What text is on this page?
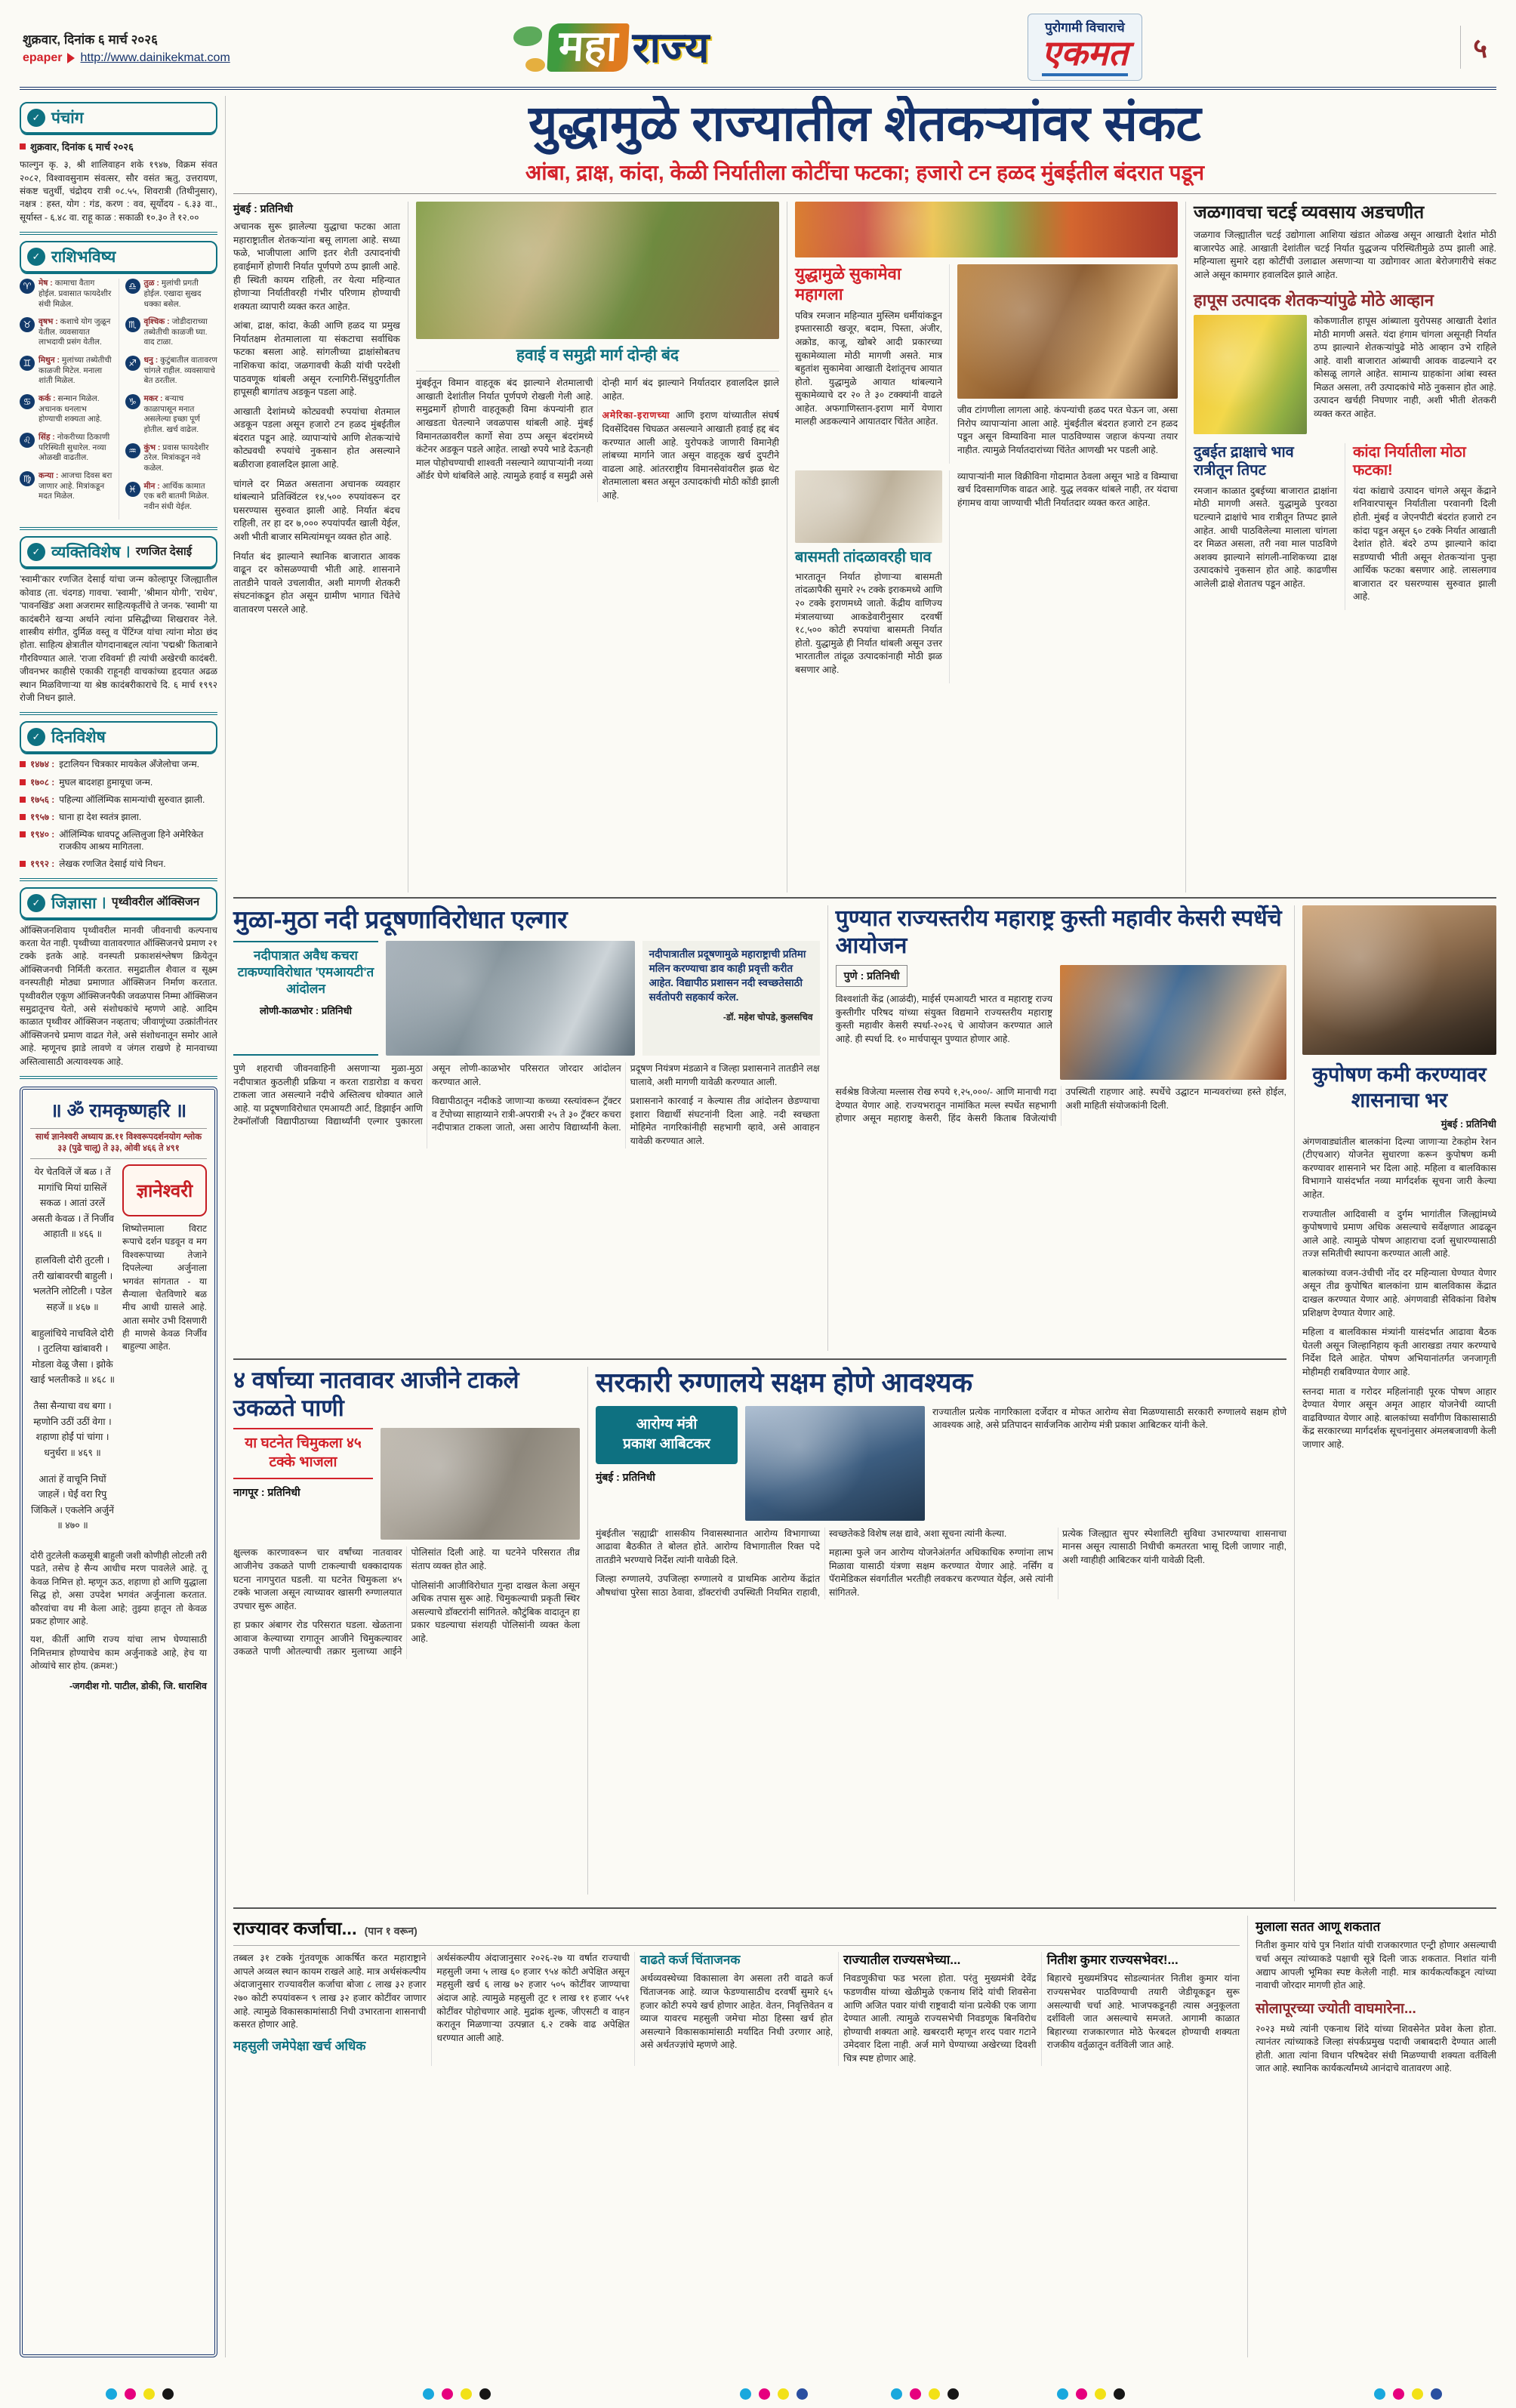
शुक्रवार, दिनांक ६ मार्च २०२६
epaper http://www.dainikekmat.com	महा राज्य	पुरोगामी विचाराचे
एकमत	५
✓ पंचांग
शुक्रवार, दिनांक ६ मार्च २०२६

फाल्गुन कृ. ३, श्री शालिवाहन शके १९४७, विक्रम संवत २०८२, विश्वावसुनाम संवत्सर, सौर वसंत ऋतु, उत्तरायण, संकष्ट चतुर्थी, चंद्रोदय रात्री ०८.५५, शिवरात्री (तिथीनुसार), नक्षत्र : हस्त, योग : गंड, करण : वव, सूर्योदय - ६.३३ वा., सूर्यास्त - ६.४८ वा. राहू काळ : सकाळी १०.३० ते १२.००

✓ राशिभविष्य
♈ मेष : कामाचा वैताग होईल. प्रवासात फायदेशीर संधी मिळेल.
♉ वृषभ : कशाचे योग जुळून येतील. व्यवसायात लाभदायी प्रसंग येतील.
♊ मिथुन : मुलांच्या तब्येतीची काळजी मिटेल. मनाला शांती मिळेल.
♋ कर्क : सन्मान मिळेल. अचानक धनलाभ होण्याची शक्यता आहे.
♌ सिंह : नोकरीच्या ठिकाणी परिस्थिती सुधारेल. नव्या ओळखी वाढतील.
♍ कन्या : आजचा दिवस बरा जाणार आहे. मित्रांकडून मदत मिळेल.
♎ तुळ : मुलांची प्रगती होईल. एखादा सुखद धक्का बसेल.
♏ वृश्चिक : जोडीदाराच्या तब्येतीची काळजी घ्या. वाद टाळा.
♐ धनु : कुटुंबातील वातावरण चांगले राहील. व्यवसायाचे बेत ठरतील.
♑ मकर : बऱ्याच काळापासून मनात असलेल्या इच्छा पूर्ण होतील. खर्च वाढेल.
♒ कुंभ : प्रवास फायदेशीर ठरेल. मित्रांकडून नवे कळेल.
♓ मीन : आर्थिक कामात एक बरी बातमी मिळेल. नवीन संधी येईल.
✓ व्यक्तिविशेष | रणजित देसाई

'स्वामी'कार रणजित देसाई यांचा जन्म कोल्हापूर जिल्ह्यातील कोवाड (ता. चंदगड) गावचा. 'स्वामी', 'श्रीमान योगी', 'राधेय', 'पावनखिंड' अशा अजरामर साहित्यकृतींचे ते जनक. 'स्वामी' या कादंबरीने खऱ्या अर्थाने त्यांना प्रसिद्धीच्या शिखरावर नेले. शास्त्रीय संगीत, दुर्मिळ वस्तू व पेंटिंग्ज यांचा त्यांना मोठा छंद होता. साहित्य क्षेत्रातील योगदानाबद्दल त्यांना 'पद्मश्री' किताबाने गौरविण्यात आले. 'राजा रविवर्मा' ही त्यांची अखेरची कादंबरी. जीवनभर काहीसे एकाकी राहूनही वाचकांच्या हृदयात अढळ स्थान मिळविणाऱ्या या श्रेष्ठ कादंबरीकाराचे दि. ६ मार्च १९९२ रोजी निधन झाले.

✓ दिनविशेष
१४७४ : इटालियन चित्रकार मायकेल अँजेलोचा जन्म.
१७०८ : मुघल बादशहा हुमायूचा जन्म.
१७५६ : पहिल्या ऑलिंम्पिक सामन्यांची सुरुवात झाली.
१९५७ : घाना हा देश स्वतंत्र झाला.
१९४० : ऑलिंम्पिक धावपटू अल्तिलुजा हिने अमेरिकेत राजकीय आश्रय मागितला.
१९९२ : लेखक रणजित देसाई यांचे निधन.
✓ जिज्ञासा | पृथ्वीवरील ऑक्सिजन

ऑक्सिजनशिवाय पृथ्वीवरील मानवी जीवनाची कल्पनाच करता येत नाही. पृथ्वीच्या वातावरणात ऑक्सिजनचे प्रमाण २१ टक्के इतके आहे. वनस्पती प्रकाशसंश्लेषण क्रियेतून ऑक्सिजनची निर्मिती करतात. समुद्रातील शैवाल व सूक्ष्म वनस्पतीही मोठ्या प्रमाणात ऑक्सिजन निर्माण करतात. पृथ्वीवरील एकूण ऑक्सिजनपैकी जवळपास निम्मा ऑक्स‍िजन समुद्रातूनच येतो, असे संशोधकांचे म्हणणे आहे. आदिम काळात पृथ्वीवर ऑक्सिजन नव्हताच; जीवाणूंच्या उत्क्रांतीनंतर ऑक्सिजनचे प्रमाण वाढत गेले, असे संशोधनातून समोर आले आहे. म्हणूनच झाडे लावणे व जंगल राखणे हे मानवाच्या अस्तित्वासाठी अत्यावश्यक आहे.

॥ ॐ रामकृष्णहरि ॥
सार्थ ज्ञानेश्वरी अध्याय क्र.११ विश्वरूपदर्शनयोग श्लोक ३३ (पुढे चालू) ते ३३, ओवी ४६६ ते ४९१

येर चेतविलें जें बळ । तें मागांचि मियां ग्रासिलें सकळ । आतां उरलें असती केवळ । तें निर्जीव आहाती ॥ ४६६ ॥

हालविली दोरी तुटली । तरी खांबावरची बाहुली । भलतेनि लोटिली । पडेल सहजें ॥ ४६७ ॥

बाहुलांचिये नाचविले दोरी । तुटलिया खांबावरी । मोडला वेळू जैसा । झोके खाई भलतीकडे ॥ ४६८ ॥

तैसा सैन्याचा वध बगा । म्हणोनि उठीं उठीं वेगा । शहाणा होईं पां चांगा । धनुर्धरा ॥ ४६९ ॥

आतां हें वाचूनि निघों जाहलें । घेईं वरा रिपु जिंकिलें । एकलेनि अर्जुनें ॥ ४७० ॥

ज्ञानेश्वरी

शिष्योत्तमाला विराट रूपाचे दर्शन घडवून व मग विश्वरूपाच्या तेजाने दिपलेल्या अर्जुनाला भगवंत सांगतात - या सैन्याला चेतविणारे बळ मीच आधी ग्रासले आहे. आता समोर उभी दिसणारी ही माणसे केवळ निर्जीव बाहुल्या आहेत.

दोरी तुटलेली कळसूत्री बाहुली जशी कोणीही लोटली तरी पडते, तसेच हे सैन्य आधीच मरण पावलेले आहे. तू केवळ निमित्त हो. म्हणून ऊठ, शहाणा हो आणि युद्धाला सिद्ध हो, असा उपदेश भगवंत अर्जुनाला करतात. कौरवांचा वध मी केला आहे; तुझ्या हातून तो केवळ प्रकट होणार आहे.

यश, कीर्ती आणि राज्य यांचा लाभ घेण्यासाठी निमित्तमात्र होण्याचेच काम अर्जुनाकडे आहे, हेच या ओव्यांचे सार होय. (क्रमश:)

-जगदीश गो. पाटील, डोकी, जि. धाराशिव
युद्धामुळे राज्यातील शेतकऱ्यांवर संकट
आंबा, द्राक्ष, कांदा, केळी निर्यातीला कोटींचा फटका; हजारो टन हळद मुंबईतील बंदरात पडून
मुंबई : प्रतिनिधी

अचानक सुरू झालेल्या युद्धाचा फटका आता महाराष्ट्रातील शेतकऱ्यांना बसू लागला आहे. सध्या फळे, भाजीपाला आणि इतर शेती उत्पादनांची हवाईमार्गे होणारी निर्यात पूर्णपणे ठप्प झाली आहे. ही स्थिती कायम राहिली, तर येत्या महिन्यात होणाऱ्या निर्यातीवरही गंभीर परिणाम होण्याची शक्यता व्यापारी व्यक्त करत आहेत.

आंबा, द्राक्ष, कांदा, केळी आणि हळद या प्रमुख निर्यातक्षम शेतमालाला या संकटाचा सर्वाधिक फटका बसला आहे. सांगलीच्या द्राक्षांसोबतच नाशिकचा कांदा, जळगावची केळी यांची परदेशी पाठवणूक थांबली असून रत्नागिरी-सिंधुदुर्गातील हापूसही बागांतच अडकून पडला आहे.

आखाती देशांमध्ये कोट्यवधी रुपयांचा शेतमाल अडकून पडला असून हजारो टन हळद मुंबईतील बंदरात पडून आहे. व्यापाऱ्यांचे आणि शेतकऱ्यांचे कोट्यवधी रुपयांचे नुकसान होत असल्याने बळीराजा हवालदिल झाला आहे.

चांगले दर मिळत असताना अचानक व्यवहार थांबल्याने प्रतिक्विंटल १४,५०० रुपयांवरून दर घसरण्यास सुरुवात झाली आहे. निर्यात बंदच राहिली, तर हा दर ७,००० रुपयांपर्यंत खाली येईल, अशी भीती बाजार समित्यांमधून व्यक्त होत आहे.

निर्यात बंद झाल्याने स्थानिक बाजारात आवक वाढून दर कोसळण्याची भीती आहे. शासनाने तातडीने पावले उचलावीत, अशी मागणी शेतकरी संघटनांकडून होत असून ग्रामीण भागात चिंतेचे वातावरण पसरले आहे.

हवाई व समुद्री मार्ग दोन्ही बंद

मुंबईतून विमान वाहतूक बंद झाल्याने शेतमालाची आखाती देशांतील निर्यात पूर्णपणे रोखली गेली आहे. समुद्रमार्गे होणारी वाहतूकही विमा कंपन्यांनी हात आखडता घेतल्याने जवळपास थांबली आहे. मुंबई विमानतळावरील कार्गो सेवा ठप्प असून बंदरांमध्ये कंटेनर अडकून पडले आहेत. लाखो रुपये भाडे देऊनही माल पोहोचण्याची शाश्वती नसल्याने व्यापाऱ्यांनी नव्या ऑर्डर घेणे थांबविले आहे. त्यामुळे हवाई व समुद्री असे दोन्ही मार्ग बंद झाल्याने निर्यातदार हवालदिल झाले आहेत.

अमेरिका-इराणच्या आणि इराण यांच्यातील संघर्ष दिवसेंदिवस चिघळत असल्याने आखाती हवाई हद्द बंद करण्यात आली आहे. युरोपकडे जाणारी विमानेही लांबच्या मार्गाने जात असून वाहतूक खर्च दुपटीने वाढला आहे. आंतरराष्ट्रीय विमानसेवांवरील झळ थेट शेतमालाला बसत असून उत्पादकांची मोठी कोंडी झाली आहे.

युद्धामुळे सुकामेवा महागला

पवित्र रमजान महिन्यात मुस्लिम धर्मीयांकडून इफ्तारसाठी खजूर, बदाम, पिस्ता, अंजीर, अक्रोड, काजू, खोबरे आदी प्रकारच्या सुकामेव्याला मोठी मागणी असते. मात्र बहुतांश सुकामेवा आखाती देशांतूनच आयात होतो. युद्धामुळे आयात थांबल्याने सुकामेव्याचे दर २० ते ३० टक्क्यांनी वाढले आहेत. अफगाणिस्तान-इराण मार्गे येणारा मालही अडकल्याने आयातदार चिंतेत आहेत.

जीव टांगणीला लागला आहे. कंपन्यांची हळद परत घेऊन जा, असा निरोप व्यापाऱ्यांना आला आहे. मुंबईतील बंदरात हजारो टन हळद पडून असून विम्याविना माल पाठविण्यास जहाज कंपन्या तयार नाहीत. त्यामुळे निर्यातदारांच्या चिंतेत आणखी भर पडली आहे.

बासमती तांदळावरही घाव

भारतातून निर्यात होणाऱ्या बासमती तांदळापैकी सुमारे २५ टक्के इराकमध्ये आणि २० टक्के इराणमध्ये जातो. केंद्रीय वाणिज्य मंत्रालयाच्या आकडेवारीनुसार दरवर्षी १८,५०० कोटी रुपयांचा बासमती निर्यात होतो. युद्धामुळे ही निर्यात थांबली असून उत्तर भारतातील तांदूळ उत्पादकांनाही मोठी झळ बसणार आहे.

व्यापाऱ्यांनी माल विक्रीविना गोदामात ठेवला असून भाडे व विम्याचा खर्च दिवसागणिक वाढत आहे. युद्ध लवकर थांबले नाही, तर यंदाचा हंगामच वाया जाण्याची भीती निर्यातदार व्यक्त करत आहेत.

जळगावचा चटई व्यवसाय अडचणीत

जळगाव जिल्ह्यातील चटई उद्योगाला आशिया खंडात ओळख असून आखाती देशांत मोठी बाजारपेठ आहे. आखाती देशांतील चटई निर्यात युद्धजन्य परिस्थितीमुळे ठप्प झाली आहे. महिन्याला सुमारे दहा कोटींची उलाढाल असणाऱ्या या उद्योगावर आता बेरोजगारीचे संकट आले असून कामगार हवालदिल झाले आहेत.

हापूस उत्पादक शेतकऱ्यांपुढे मोठे आव्हान

कोकणातील हापूस आंब्याला युरोपसह आखाती देशांत मोठी मागणी असते. यंदा हंगाम चांगला असूनही निर्यात ठप्प झाल्याने शेतकऱ्यांपुढे मोठे आव्हान उभे राहिले आहे. वाशी बाजारात आंब्याची आवक वाढल्याने दर कोसळू लागले आहेत. सामान्य ग्राहकांना आंबा स्वस्त मिळत असला, तरी उत्पादकांचे मोठे नुकसान होत आहे. उत्पादन खर्चही निघणार नाही, अशी भीती शेतकरी व्यक्त करत आहेत.

दुबईत द्राक्षाचे भाव रात्रीतून तिपट

रमजान काळात दुबईच्या बाजारात द्राक्षांना मोठी मागणी असते. युद्धामुळे पुरवठा घटल्याने द्राक्षांचे भाव रात्रीतून तिप्पट झाले आहेत. आधी पाठविलेल्या मालाला चांगला दर मिळत असला, तरी नवा माल पाठविणे अशक्य झाल्याने सांगली-नाशिकच्या द्राक्ष उत्पादकांचे नुकसान होत आहे. काढणीस आलेली द्राक्षे शेतातच पडून आहेत.

कांदा निर्यातीला मोठा फटका!

यंदा कांद्याचे उत्पादन चांगले असून केंद्राने शनिवारपासून निर्यातीला परवानगी दिली होती. मुंबई व जेएनपीटी बंदरांत हजारो टन कांदा पडून असून ६० टक्के निर्यात आखाती देशांत होते. बंदरे ठप्प झाल्याने कांदा सडण्याची भीती असून शेतकऱ्यांना पुन्हा आर्थिक फटका बसणार आहे. लासलगाव बाजारात दर घसरण्यास सुरुवात झाली आहे.

मुळा-मुठा नदी प्रदूषणाविरोधात एल्गार
नदीपात्रात अवैध कचरा टाकण्याविरोधात 'एमआयटी'त आंदोलन
लोणी-काळभोर : प्रतिनिधी
नदीपात्रातील प्रदूषणामुळे महाराष्ट्राची प्रतिमा मलिन करण्याचा डाव काही प्रवृत्ती करीत आहेत. विद्यापीठ प्रशासन नदी स्वच्छतेसाठी सर्वतोपरी सहकार्य करेल.
-डॉ. महेश चोपडे, कुलसचिव

पुणे शहराची जीवनवाहिनी असणाऱ्या मुळा-मुठा नदीपात्रात कुठलीही प्रक्रिया न करता राडारोडा व कचरा टाकला जात असल्याने नदीचे अस्तित्वच धोक्यात आले आहे. या प्रदूषणाविरोधात एमआयटी आर्ट, डिझाईन आणि टेक्नॉलॉजी विद्यापीठाच्या विद्यार्थ्यांनी एल्गार पुकारला असून लोणी-काळभोर परिसरात जोरदार आंदोलन करण्यात आले.

विद्यापीठातून नदीकडे जाणाऱ्या कच्च्या रस्त्यांवरून ट्रॅक्टर व टेंपोच्या साहाय्याने रात्री-अपरात्री २५ ते ३० ट्रॅक्टर कचरा नदीपात्रात टाकला जातो, असा आरोप विद्यार्थ्यांनी केला. प्रदूषण नियंत्रण मंडळाने व जिल्हा प्रशासनाने तातडीने लक्ष घालावे, अशी मागणी यावेळी करण्यात आली.

प्रशासनाने कारवाई न केल्यास तीव्र आंदोलन छेडण्याचा इशारा विद्यार्थी संघटनांनी दिला आहे. नदी स्वच्छता मोहिमेत नागरिकांनीही सहभागी व्हावे, असे आवाहन यावेळी करण्यात आले.

पुण्यात राज्यस्तरीय महाराष्ट्र कुस्ती महावीर केसरी स्पर्धेचे आयोजन
पुणे : प्रतिनिधी

विश्वशांती केंद्र (आळंदी), माईर्स एमआयटी भारत व महाराष्ट्र राज्य कुस्तीगीर परिषद यांच्या संयुक्त विद्यमाने राज्यस्तरीय महाराष्ट्र कुस्ती महावीर केसरी स्पर्धा-२०२६ चे आयोजन करण्यात आले आहे. ही स्पर्धा दि. १० मार्चपासून पुण्यात होणार आहे.

सर्वश्रेष्ठ विजेत्या मल्लास रोख रुपये १,२५,०००/- आणि मानाची गदा देण्यात येणार आहे. राज्यभरातून नामांकित मल्ल स्पर्धेत सहभागी होणार असून महाराष्ट्र केसरी, हिंद केसरी किताब विजेत्यांची उपस्थिती राहणार आहे. स्पर्धेचे उद्घाटन मान्यवरांच्या हस्ते होईल, अशी माहिती संयोजकांनी दिली.

४ वर्षाच्या नातवावर आजीने टाकले उकळते पाणी
या घटनेत चिमुकला ४५ टक्के भाजला
नागपूर : प्रतिनिधी

क्षुल्लक कारणावरून चार वर्षांच्या नातवावर आजीनेच उकळते पाणी टाकल्याची धक्कादायक घटना नागपुरात घडली. या घटनेत चिमुकला ४५ टक्के भाजला असून त्याच्यावर खासगी रुग्णालयात उपचार सुरू आहेत.

हा प्रकार अंबागर रोड परिसरात घडला. खेळताना आवाज केल्याच्या रागातून आजीने चिमुकल्यावर उकळते पाणी ओतल्याची तक्रार मुलाच्या आईने पोलिसांत दिली आहे. या घटनेने परिसरात तीव्र संताप व्यक्त होत आहे.

पोलिसांनी आजीविरोधात गुन्हा दाखल केला असून अधिक तपास सुरू आहे. चिमुकल्याची प्रकृती स्थिर असल्याचे डॉक्टरांनी सांगितले. कौटुंबिक वादातून हा प्रकार घडल्याचा संशयही पोलिसांनी व्यक्त केला आहे.

सरकारी रुग्णालये सक्षम होणे आवश्यक
आरोग्य मंत्री
प्रकाश आबिटकर
मुंबई : प्रतिनिधी

राज्यातील प्रत्येक नागरिकाला दर्जेदार व मोफत आरोग्य सेवा मिळण्यासाठी सरकारी रुग्णालये सक्षम होणे आवश्यक आहे, असे प्रतिपादन सार्वजनिक आरोग्य मंत्री प्रकाश आबिटकर यांनी केले.

मुंबईतील 'सह्याद्री' शासकीय निवासस्थानात आरोग्य विभागाच्या आढावा बैठकीत ते बोलत होते. आरोग्य विभागातील रिक्त पदे तातडीने भरण्याचे निर्देश त्यांनी यावेळी दिले.

जिल्हा रुग्णालये, उपजिल्हा रुग्णालये व प्राथमिक आरोग्य केंद्रांत औषधांचा पुरेसा साठा ठेवावा, डॉक्टरांची उपस्थिती नियमित राहावी, स्वच्छतेकडे विशेष लक्ष द्यावे, अशा सूचना त्यांनी केल्या.

महात्मा फुले जन आरोग्य योजनेअंतर्गत अधिकाधिक रुग्णांना लाभ मिळावा यासाठी यंत्रणा सक्षम करण्यात येणार आहे. नर्सिंग व पॅरामेडिकल संवर्गातील भरतीही लवकरच करण्यात येईल, असे त्यांनी सांगितले.

प्रत्येक जिल्ह्यात सुपर स्पेशालिटी सुविधा उभारण्याचा शासनाचा मानस असून त्यासाठी निधीची कमतरता भासू दिली जाणार नाही, अशी ग्वाहीही आबिटकर यांनी यावेळी दिली.

कुपोषण कमी करण्यावर शासनाचा भर
मुंबई : प्रतिनिधी

अंगणवाड्यांतील बालकांना दिल्या जाणाऱ्या टेकहोम रेशन (टीएचआर) योजनेत सुधारणा करून कुपोषण कमी करण्यावर शासनाने भर दिला आहे. महिला व बालविकास विभागाने यासंदर्भात नव्या मार्गदर्शक सूचना जारी केल्या आहेत.

राज्यातील आदिवासी व दुर्गम भागांतील जिल्ह्यांमध्ये कुपोषणाचे प्रमाण अधिक असल्याचे सर्वेक्षणात आढळून आले आहे. त्यामुळे पोषण आहाराचा दर्जा सुधारण्यासाठी तज्ज्ञ समितीची स्थापना करण्यात आली आहे.

बालकांच्या वजन-उंचीची नोंद दर महिन्याला घेण्यात येणार असून तीव्र कुपोषित बालकांना ग्राम बालविकास केंद्रात दाखल करण्यात येणार आहे. अंगणवाडी सेविकांना विशेष प्रशिक्षण देण्यात येणार आहे.

महिला व बालविकास मंत्र्यांनी यासंदर्भात आढावा बैठक घेतली असून जिल्हानिहाय कृती आराखडा तयार करण्याचे निर्देश दिले आहेत. पोषण अभियानांतर्गत जनजागृती मोहीमही राबविण्यात येणार आहे.

स्तनदा माता व गरोदर महिलांनाही पूरक पोषण आहार देण्यात येणार असून अमृत आहार योजनेची व्याप्ती वाढविण्यात येणार आहे. बालकांच्या सर्वांगीण विकासासाठी केंद्र सरकारच्या मार्गदर्शक सूचनांनुसार अंमलबजावणी केली जाणार आहे.

राज्यावर कर्जाचा... (पान १ वरून)

तब्बल ३१ टक्के गुंतवणूक आकर्षित करत महाराष्ट्राने आपले अव्वल स्थान कायम राखले आहे. मात्र अर्थसंकल्पीय अंदाजानुसार राज्यावरील कर्जाचा बोजा ८ लाख ३२ हजार २७० कोटी रुपयांवरून ९ लाख ३२ हजार कोटींवर जाणार आहे. त्यामुळे विकासकामांसाठी निधी उभारताना शासनाची कसरत होणार आहे.

महसुली जमेपेक्षा खर्च अधिक

अर्थसंकल्पीय अंदाजानुसार २०२६-२७ या वर्षात राज्याची महसुली जमा ५ लाख ६० हजार ९५४ कोटी अपेक्षित असून महसुली खर्च ६ लाख ७२ हजार ५०५ कोटींवर जाण्याचा अंदाज आहे. त्यामुळे महसुली तूट १ लाख ११ हजार ५५१ कोटींवर पोहोचणार आहे. मुद्रांक शुल्क, जीएसटी व वाहन करातून मिळणाऱ्या उत्पन्नात ६.२ टक्के वाढ अपेक्षित धरण्यात आली आहे.

वाढते कर्ज चिंताजनक

अर्थव्यवस्थेच्या विकासाला वेग असला तरी वाढते कर्ज चिंताजनक आहे. व्याज फेडण्यासाठीच दरवर्षी सुमारे ६५ हजार कोटी रुपये खर्च होणार आहेत. वेतन, निवृत्तिवेतन व व्याज यावरच महसुली जमेचा मोठा हिस्सा खर्च होत असल्याने विकासकामांसाठी मर्यादित निधी उरणार आहे, असे अर्थतज्ज्ञांचे म्हणणे आहे.

राज्यातील राज्यसभेच्या...

निवडणुकीचा फड भरला होता. परंतु मुख्यमंत्री देवेंद्र फडणवीस यांच्या खेळीमुळे एकनाथ शिंदे यांची शिवसेना आणि अजित पवार यांची राष्ट्रवादी यांना प्रत्येकी एक जागा देण्यात आली. त्यामुळे राज्यसभेची निवडणूक बिनविरोध होण्याची शक्यता आहे. खबरदारी म्हणून शरद पवार गटाने उमेदवार दिला नाही. अर्ज मागे घेण्याच्या अखेरच्या दिवशी चित्र स्पष्ट होणार आहे.

नितीश कुमार राज्यसभेवर!...

बिहारचे मुख्यमंत्रिपद सोडल्यानंतर नितीश कुमार यांना राज्यसभेवर पाठविण्याची तयारी जेडीयूकडून सुरू असल्याची चर्चा आहे. भाजपकडूनही त्यास अनुकूलता दर्शविली जात असल्याचे समजते. आगामी काळात बिहारच्या राजकारणात मोठे फेरबदल होण्याची शक्यता राजकीय वर्तुळातून वर्तविली जात आहे.

मुलाला सतत आणू शकतात

नितीश कुमार यांचे पुत्र निशांत यांची राजकारणात एन्ट्री होणार असल्याची चर्चा असून त्यांच्याकडे पक्षाची सूत्रे दिली जाऊ शकतात. निशांत यांनी अद्याप आपली भूमिका स्पष्ट केलेली नाही. मात्र कार्यकर्त्यांकडून त्यांच्या नावाची जोरदार मागणी होत आहे.

सोलापूरच्या ज्योती वाघमारेना...

२०२३ मध्ये त्यांनी एकनाथ शिंदे यांच्या शिवसेनेत प्रवेश केला होता. त्यानंतर त्यांच्याकडे जिल्हा संपर्कप्रमुख पदाची जबाबदारी देण्यात आली होती. आता त्यांना विधान परिषदेवर संधी मिळण्याची शक्यता वर्तविली जात आहे. स्थानिक कार्यकर्त्यांमध्ये आनंदाचे वातावरण आहे.
